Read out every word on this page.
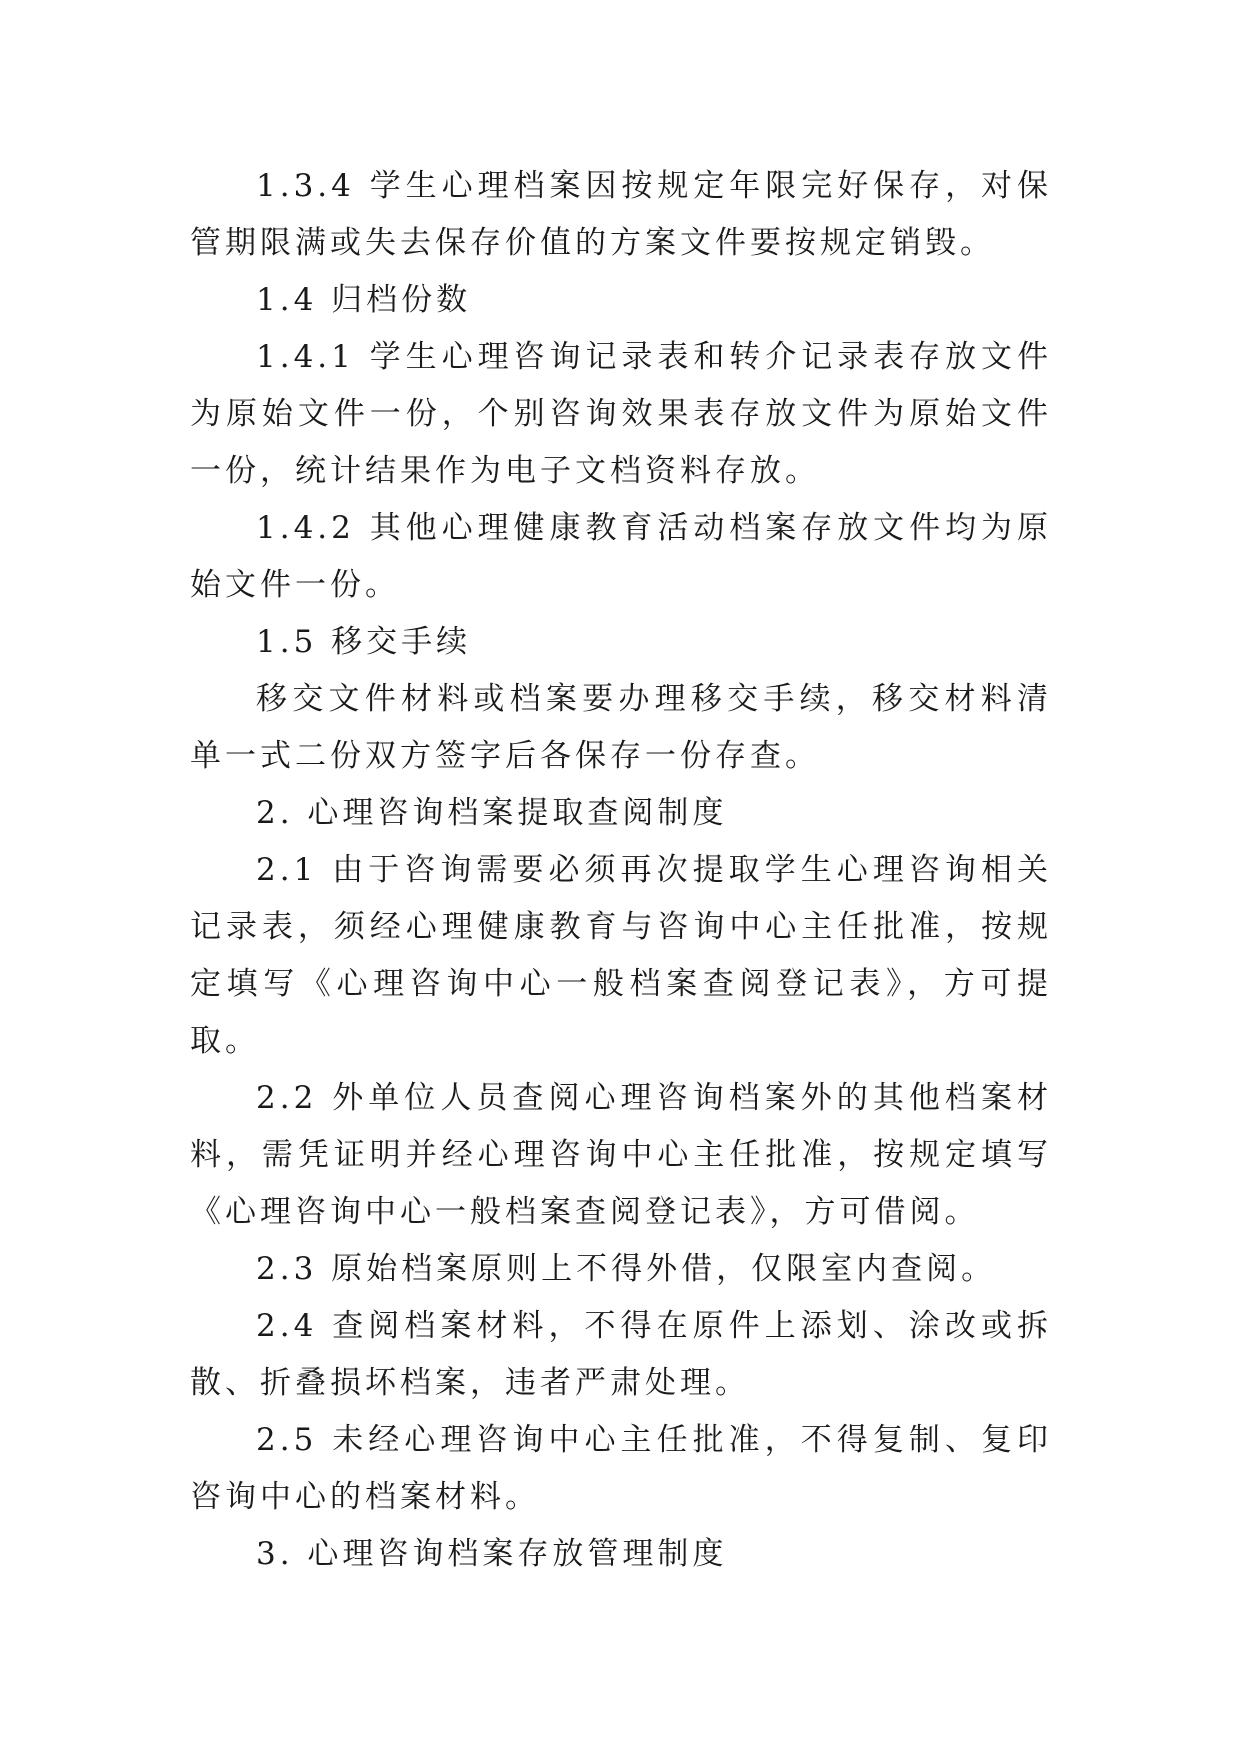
1.3.4 学生心理档案因按规定年限完好保存，对保管期限满或失去保存价值的方案文件要按规定销毁。

1.4 归档份数

1.4.1 学生心理咨询记录表和转介记录表存放文件为原始文件一份，个别咨询效果表存放文件为原始文件一份，统计结果作为电子文档资料存放。

1.4.2 其他心理健康教育活动档案存放文件均为原始文件一份。

1.5 移交手续

移交文件材料或档案要办理移交手续，移交材料清单一式二份双方签字后各保存一份存查。

2. 心理咨询档案提取查阅制度

2.1 由于咨询需要必须再次提取学生心理咨询相关记录表，须经心理健康教育与咨询中心主任批准，按规定填写《心理咨询中心一般档案查阅登记表》，方可提取。

2.2 外单位人员查阅心理咨询档案外的其他档案材料，需凭证明并经心理咨询中心主任批准，按规定填写《心理咨询中心一般档案查阅登记表》，方可借阅。

2.3 原始档案原则上不得外借，仅限室内查阅。

2.4 查阅档案材料，不得在原件上添划、涂改或拆散、折叠损坏档案，违者严肃处理。

2.5 未经心理咨询中心主任批准，不得复制、复印咨询中心的档案材料。

3. 心理咨询档案存放管理制度
